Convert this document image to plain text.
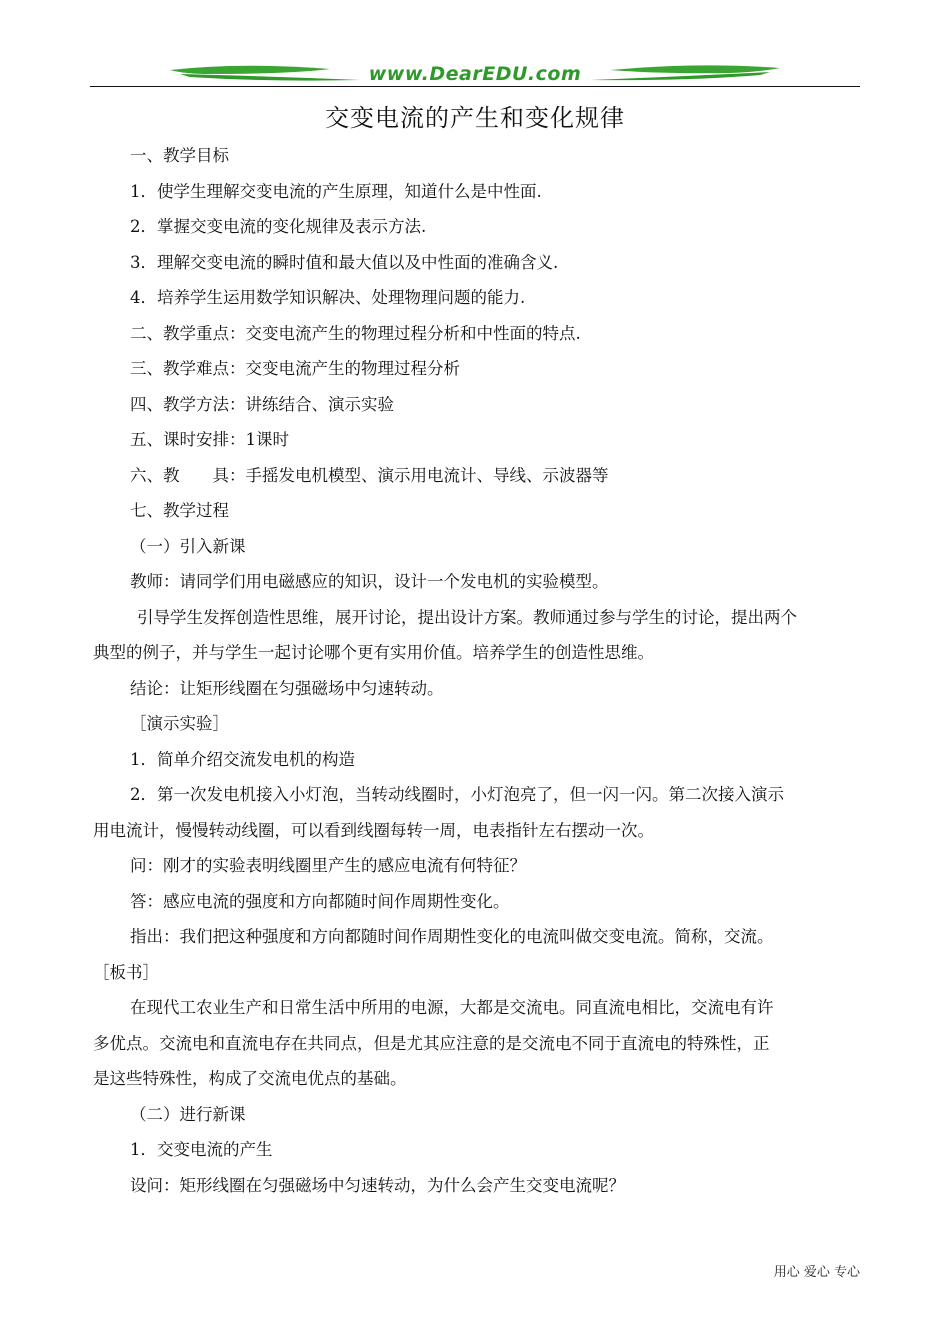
www.DearEDU.com
交变电流的产生和变化规律
一、教学目标
1．使学生理解交变电流的产生原理，知道什么是中性面.
2．掌握交变电流的变化规律及表示方法.
3．理解交变电流的瞬时值和最大值以及中性面的准确含义.
4．培养学生运用数学知识解决、处理物理问题的能力.
二、教学重点：交变电流产生的物理过程分析和中性面的特点.
三、教学难点：交变电流产生的物理过程分析
四、教学方法：讲练结合、演示实验
五、课时安排：1课时
六、教　　具：手摇发电机模型、演示用电流计、导线、示波器等
七、教学过程
（一）引入新课
教师：请同学们用电磁感应的知识，设计一个发电机的实验模型。
引导学生发挥创造性思维，展开讨论，提出设计方案。教师通过参与学生的讨论，提出两个
典型的例子，并与学生一起讨论哪个更有实用价值。培养学生的创造性思维。
结论：让矩形线圈在匀强磁场中匀速转动。
［演示实验］
1．简单介绍交流发电机的构造
2．第一次发电机接入小灯泡，当转动线圈时，小灯泡亮了，但一闪一闪。第二次接入演示
用电流计，慢慢转动线圈，可以看到线圈每转一周，电表指针左右摆动一次。
问：刚才的实验表明线圈里产生的感应电流有何特征？
答：感应电流的强度和方向都随时间作周期性变化。
指出：我们把这种强度和方向都随时间作周期性变化的电流叫做交变电流。简称，交流。
［板书］
在现代工农业生产和日常生活中所用的电源，大都是交流电。同直流电相比，交流电有许
多优点。交流电和直流电存在共同点，但是尤其应注意的是交流电不同于直流电的特殊性，正
是这些特殊性，构成了交流电优点的基础。
（二）进行新课
1．交变电流的产生
设问：矩形线圈在匀强磁场中匀速转动，为什么会产生交变电流呢？
用心 爱心 专心
